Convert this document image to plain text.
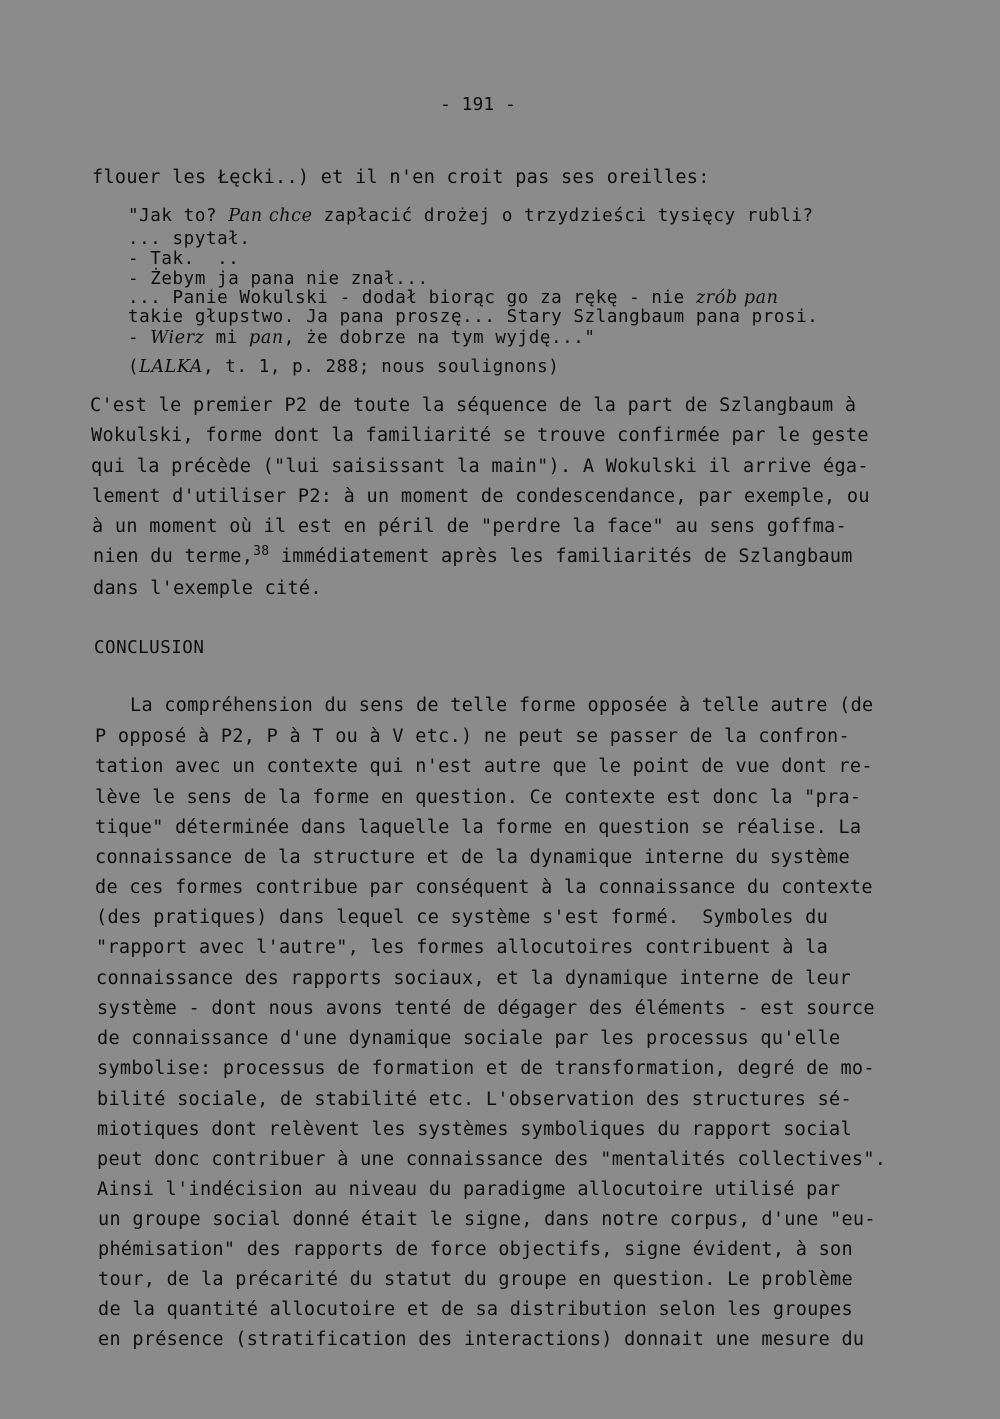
- 191 -
flouer les Łęcki..) et il n'en croit pas ses oreilles:
"Jak to? Pan chce zapłacić drożej o trzydzieści tysięcy rubli?
... spytał.
- Tak.  ..
- Żebym ja pana nie znał...
... Panie Wokulski - dodał biorąc go za rękę - nie zrób pan
takie głupstwo. Ja pana proszę... Stary Szlangbaum pana prosi.
- Wierz mi pan, że dobrze na tym wyjdę..."
(LALKA, t. 1, p. 288; nous soulignons)
C'est le premier P2 de toute la séquence de la part de Szlangbaum à
Wokulski, forme dont la familiarité se trouve confirmée par le geste
qui la précède ("lui saisissant la main"). A Wokulski il arrive éga-
lement d'utiliser P2: à un moment de condescendance, par exemple, ou
à un moment où il est en péril de "perdre la face" au sens goffma-
nien du terme,$^{38}$ immédiatement après les familiarités de Szlangbaum
dans l'exemple cité.
CONCLUSION
La compréhension du sens de telle forme opposée à telle autre (de
P opposé à P2, P à T ou à V etc.) ne peut se passer de la confron-
tation avec un contexte qui n'est autre que le point de vue dont re-
lève le sens de la forme en question. Ce contexte est donc la "pra-
tique" déterminée dans laquelle la forme en question se réalise. La
connaissance de la structure et de la dynamique interne du système
de ces formes contribue par conséquent à la connaissance du contexte
(des pratiques) dans lequel ce système s'est formé.  Symboles du
"rapport avec l'autre", les formes allocutoires contribuent à la
connaissance des rapports sociaux, et la dynamique interne de leur
système - dont nous avons tenté de dégager des éléments - est source
de connaissance d'une dynamique sociale par les processus qu'elle
symbolise: processus de formation et de transformation, degré de mo-
bilité sociale, de stabilité etc. L'observation des structures sé-
miotiques dont relèvent les systèmes symboliques du rapport social
peut donc contribuer à une connaissance des "mentalités collectives".
Ainsi l'indécision au niveau du paradigme allocutoire utilisé par
un groupe social donné était le signe, dans notre corpus, d'une "eu-
phémisation" des rapports de force objectifs, signe évident, à son
tour, de la précarité du statut du groupe en question. Le problème
de la quantité allocutoire et de sa distribution selon les groupes
en présence (stratification des interactions) donnait une mesure du
